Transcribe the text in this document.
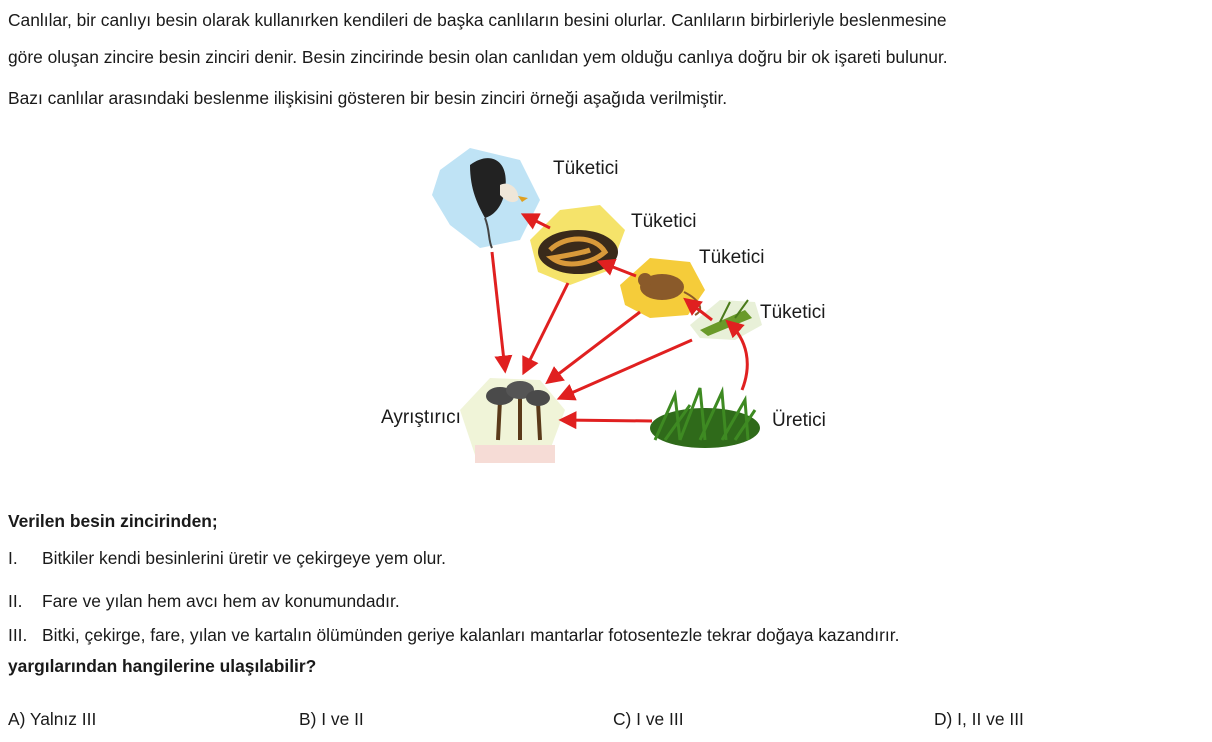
Canlılar, bir canlıyı besin olarak kullanırken kendileri de başka canlıların besini olurlar. Canlıların birbirleriyle beslenmesine
göre oluşan zincire besin zinciri denir. Besin zincirinde besin olan canlıdan yem olduğu canlıya doğru bir ok işareti bulunur.
Bazı canlılar arasındaki beslenme ilişkisini gösteren bir besin zinciri örneği aşağıda verilmiştir.
Tüketici
Tüketici
Tüketici
Tüketici
Üretici
Ayrıştırıcı
Verilen besin zincirinden;
I. Bitkiler kendi besinlerini üretir ve çekirgeye yem olur.
II. Fare ve yılan hem avcı hem av konumundadır.
III. Bitki, çekirge, fare, yılan ve kartalın ölümünden geriye kalanları mantarlar fotosentezle tekrar doğaya kazandırır.
yargılarından hangilerine ulaşılabilir?
A) Yalnız III	B) I ve II	C) I ve III	D) I, II ve III
